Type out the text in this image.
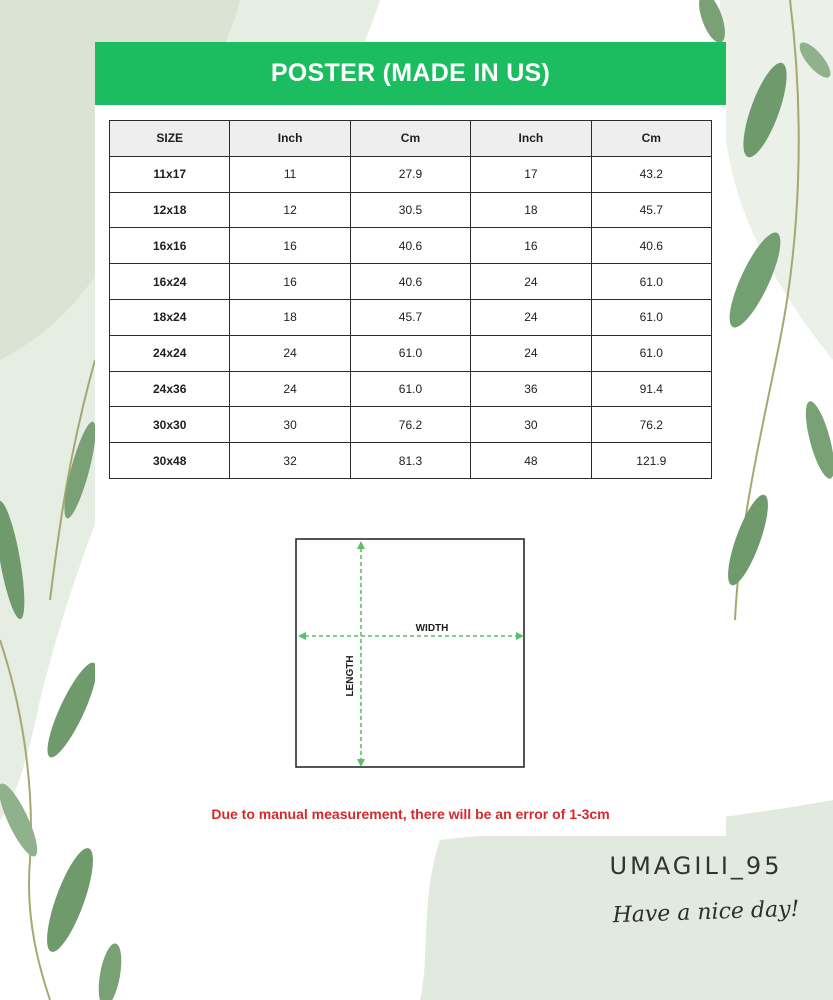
POSTER (MADE IN US)
SIZE	Inch	Cm	Inch	Cm
11x17	11	27.9	17	43.2
12x18	12	30.5	18	45.7
16x16	16	40.6	16	40.6
16x24	16	40.6	24	61.0
18x24	18	45.7	24	61.0
24x24	24	61.0	24	61.0
24x36	24	61.0	36	91.4
30x30	30	76.2	30	76.2
30x48	32	81.3	48	121.9
WIDTH
LENGTH
Due to manual measurement, there will be an error of 1-3cm
UMAGILI_95
Have a nice day!
